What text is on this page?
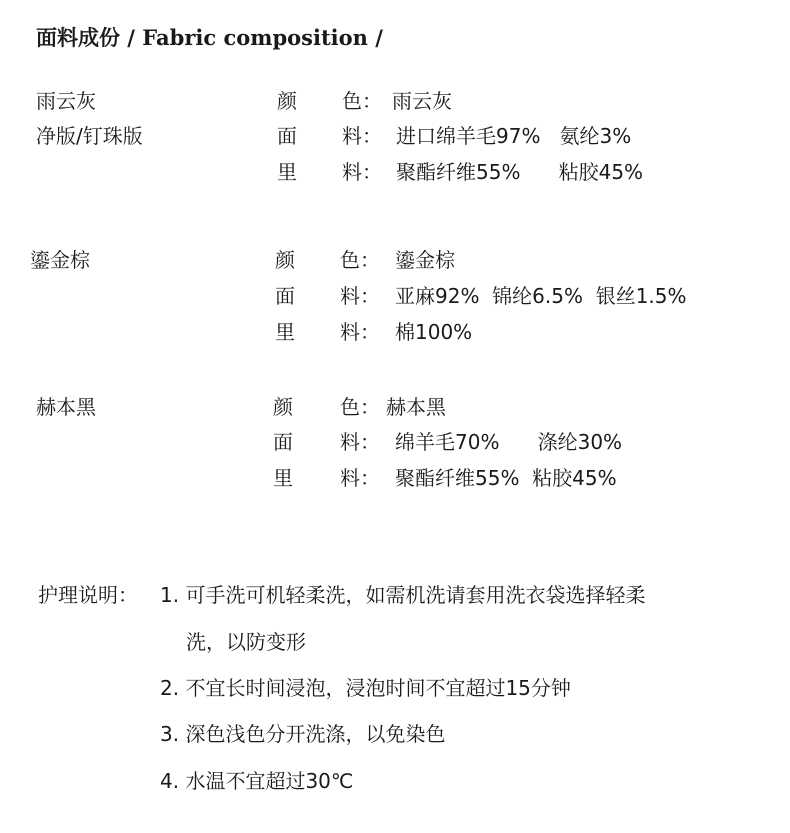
面料成份 / Fabric composition /
雨云灰
净版/钉珠版
颜 色： 雨云灰
面 料： 进口绵羊毛97%   氨纶3%
里 料： 聚酯纤维55%      粘胶45%
鎏金棕	颜 色： 鎏金棕
面 料： 亚麻92%  锦纶6.5%  银丝1.5%
里 料： 棉100%
赫本黑	颜 色： 赫本黑
面 料： 绵羊毛70%      涤纶30%
里 料： 聚酯纤维55%  粘胶45%
护理说明： 1. 可手洗可机轻柔洗，如需机洗请套用洗衣袋选择轻柔
洗，以防变形
2. 不宜长时间浸泡，浸泡时间不宜超过15分钟
3. 深色浅色分开洗涤，以免染色
4. 水温不宜超过30℃
